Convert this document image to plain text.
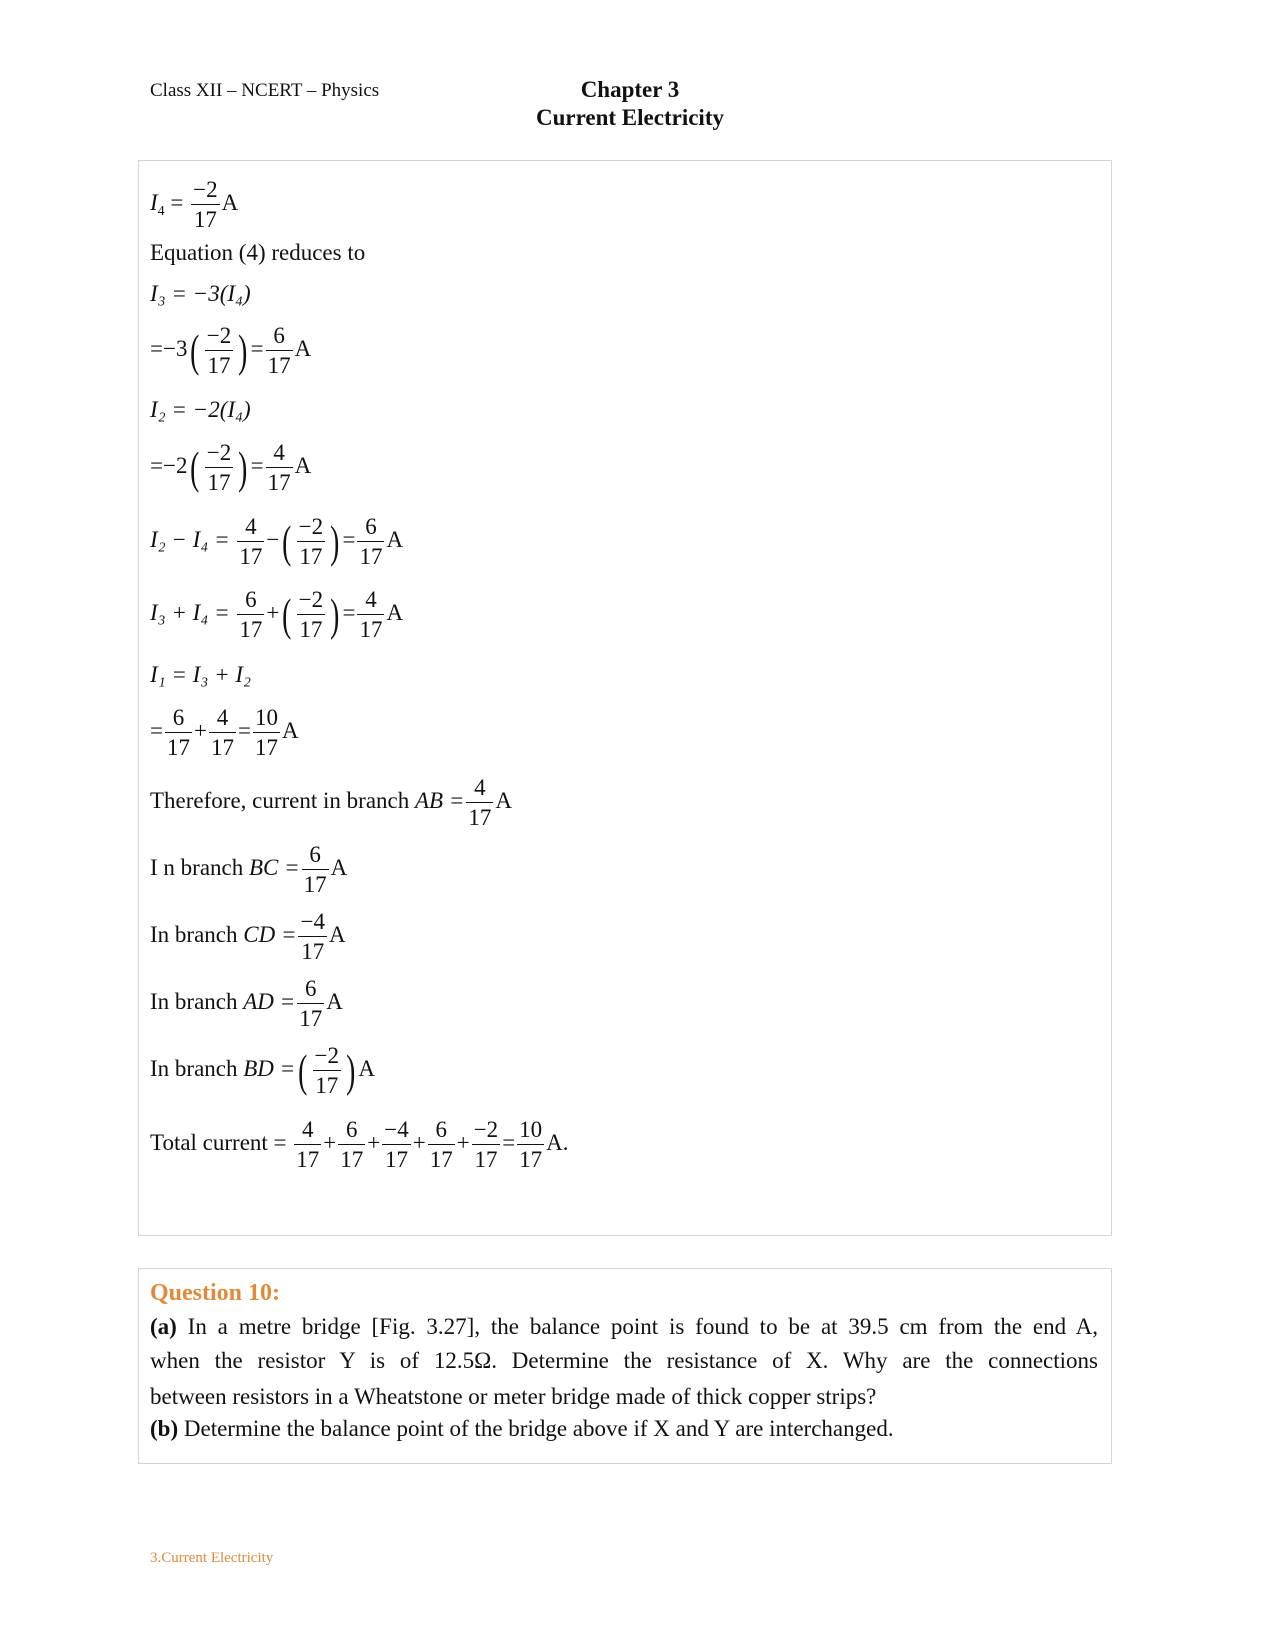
Class XII – NCERT – Physics	Chapter 3
Current Electricity
$I_4 = \frac{-2}{17}$ A
Equation (4) reduces to
I₃ = −3(I₄)
$=-3( \frac{-2}{17}$ ) = $\frac{6}{17}$ A
I₂ = −2(I₄)
$=-2( \frac{-2}{17}$ ) = $\frac{4}{17}$ A
$I_2 - I_4 = \frac{4}{17}$ −( $\frac{-2}{17}$ ) = $\frac{6}{17}$ A
$I_3 + I_4 = \frac{6}{17}$ +( $\frac{-2}{17}$ ) = $\frac{4}{17}$ A
I₁ = I₃ + I₂
= $\frac{6}{17} + \frac{4}{17} = \frac{10}{17}$ A
Therefore, current in branch AB = $\frac{4}{17}$ A
I n branch BC = $\frac{6}{17}$ A
In branch CD = $\frac{-4}{17}$ A
In branch AD = $\frac{6}{17}$ A
In branch BD =( $\frac{-2}{17}$ ) A
Total current = $\frac{4}{17} + \frac{6}{17} + \frac{-4}{17} + \frac{6}{17} + \frac{-2}{17} = \frac{10}{17} A$.
Question 10:
(a) In a metre bridge [Fig. 3.27], the balance point is found to be at 39.5 cm from the end A,
when the resistor Y is of 12.5Ω. Determine the resistance of X. Why are the connections
between resistors in a Wheatstone or meter bridge made of thick copper strips?
(b) Determine the balance point of the bridge above if X and Y are interchanged.
3.Current Electricity
